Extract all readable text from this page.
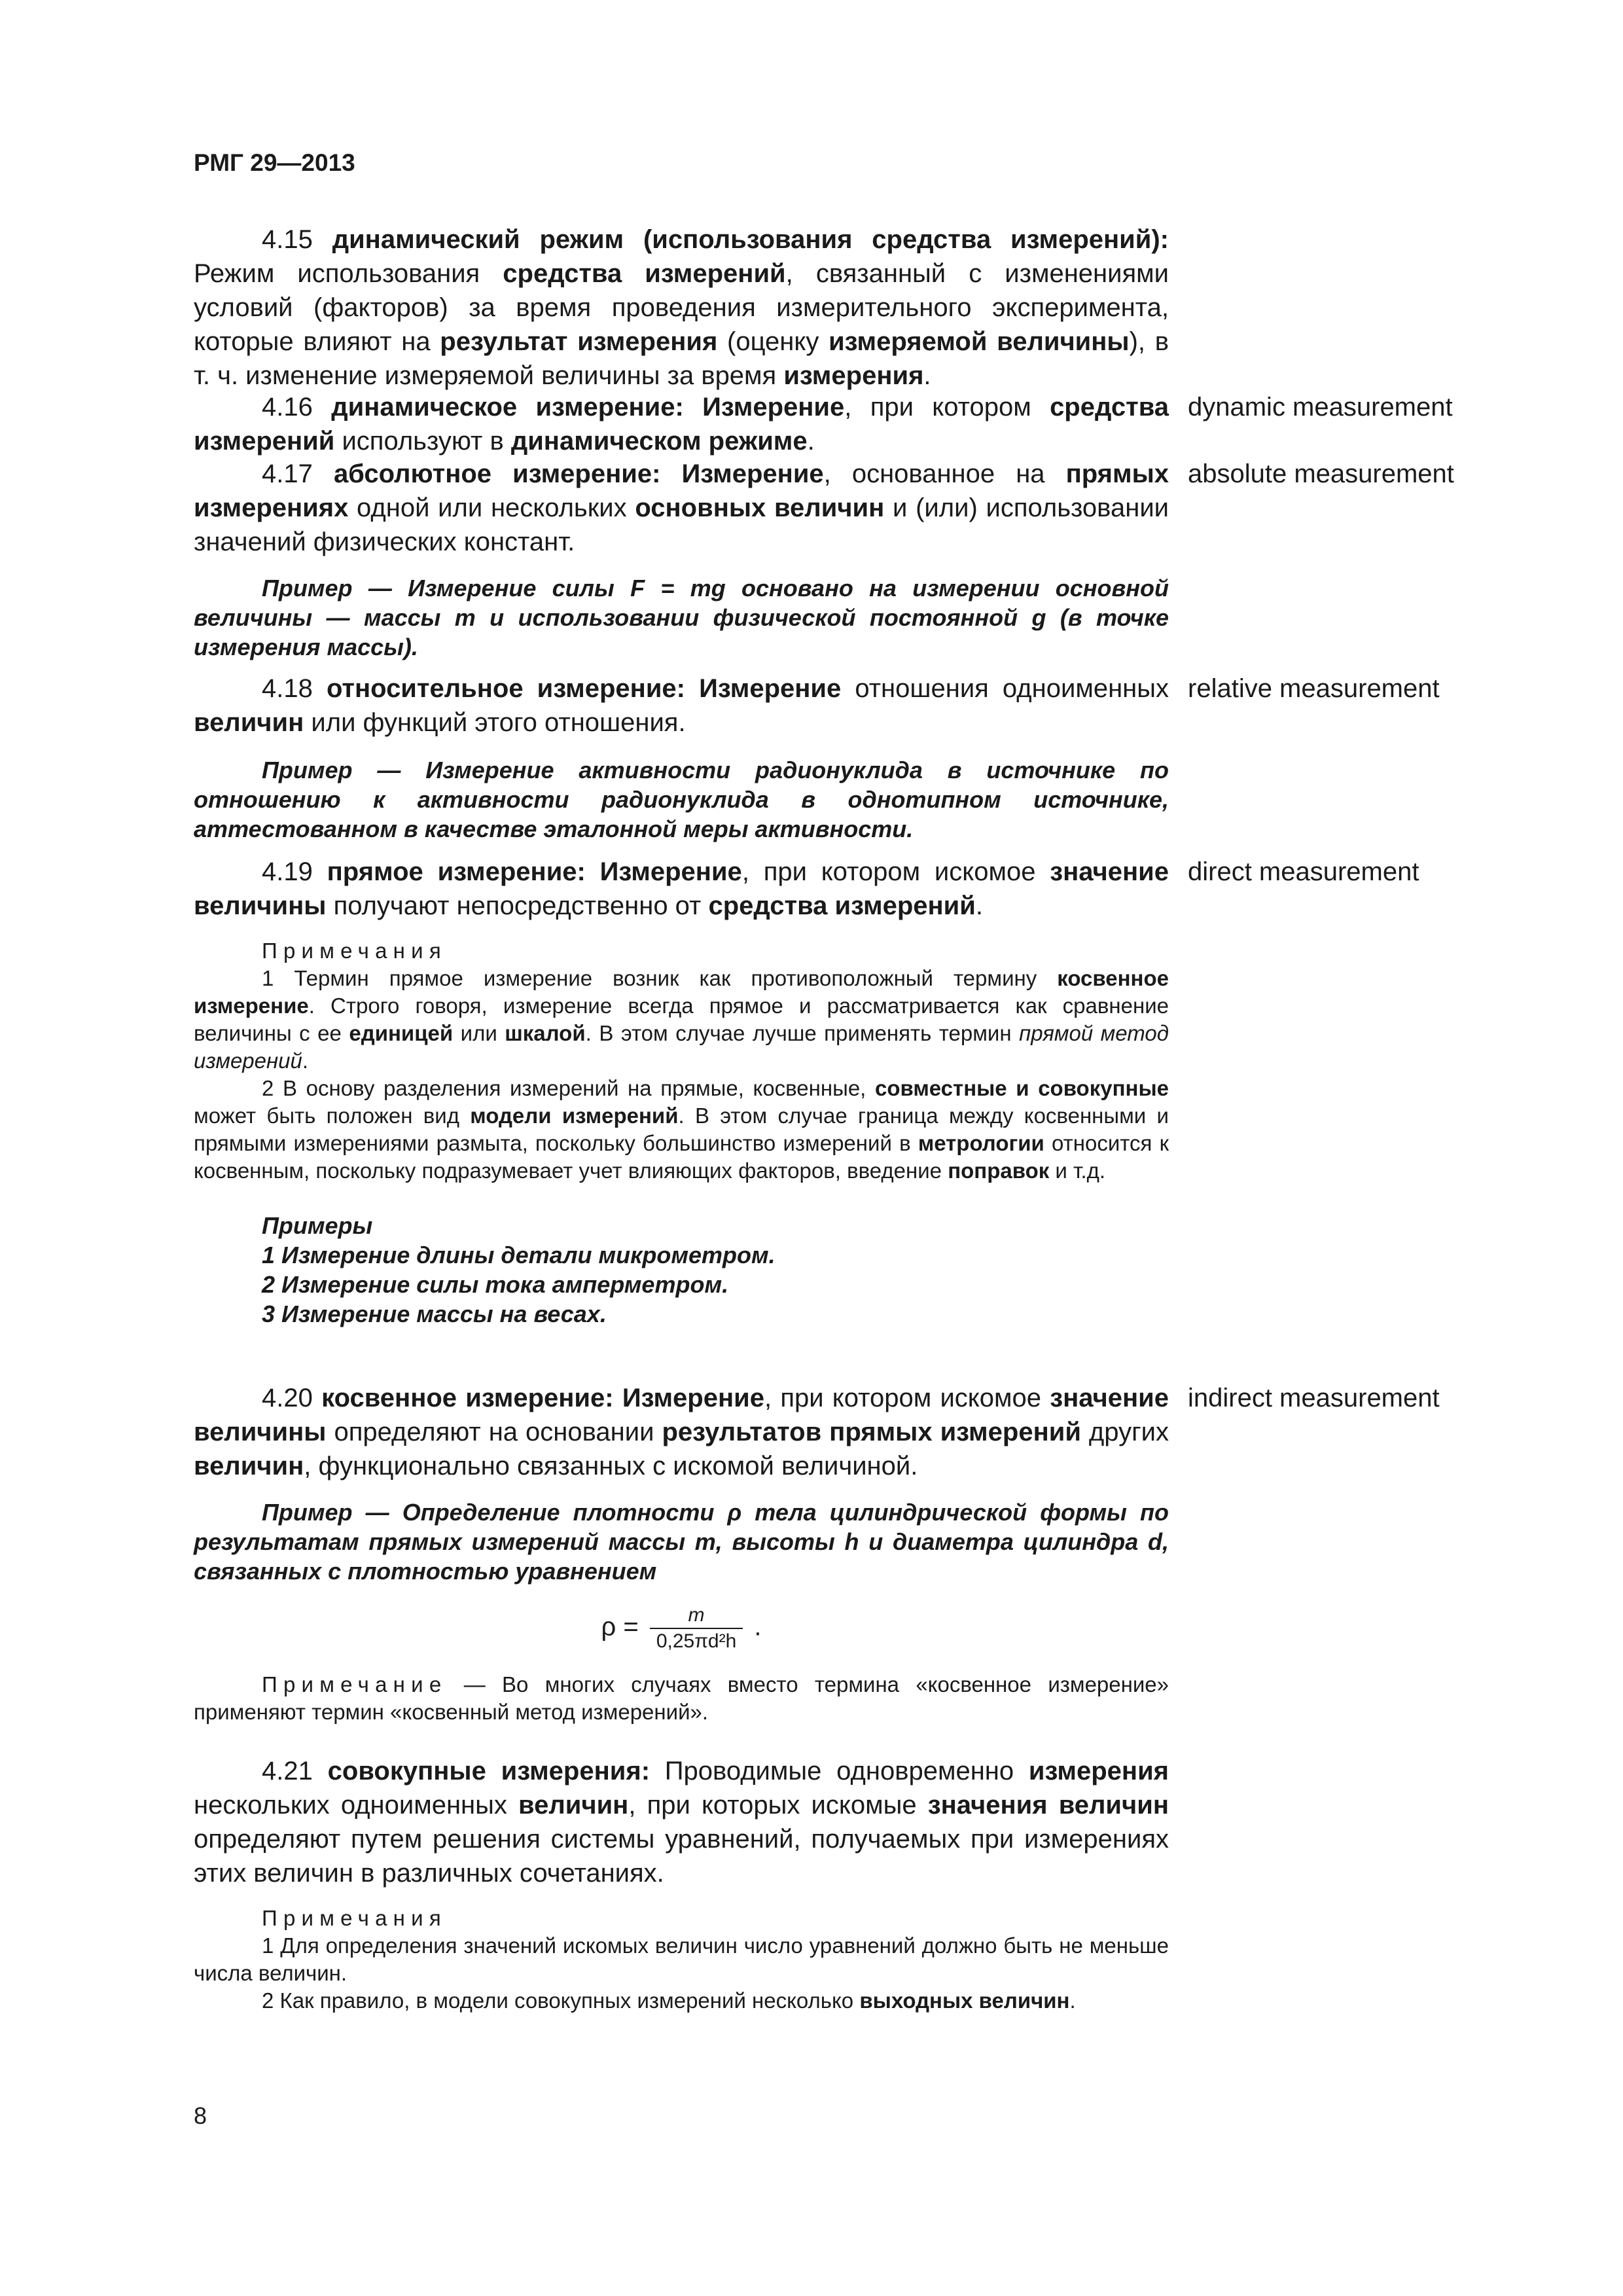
РМГ 29—2013

4.15 динамический режим (использования средства измерений): Режим использования средства измерений, связанный с изменениями условий (факторов) за время проведения измерительного эксперимента, которые влияют на результат измерения (оценку измеряемой величины), в т. ч. изменение измеряемой величины за время измерения.

4.16 динамическое измерение: Измерение, при котором средства измерений используют в динамическом режиме.

dynamic measurement

4.17 абсолютное измерение: Измерение, основанное на прямых измерениях одной или нескольких основных величин и (или) использовании значений физических констант.

Пример — Измерение силы F = mg основано на измерении основной величины — массы m и использовании физической постоянной g (в точке измерения массы).

absolute measurement

4.18 относительное измерение: Измерение отношения одноименных величин или функций этого отношения.

Пример — Измерение активности радионуклида в источнике по отношению к активности радионуклида в однотипном источнике, аттестованном в качестве эталонной меры активности.

relative measurement

4.19 прямое измерение: Измерение, при котором искомое значение величины получают непосредственно от средства измерений.

Примечания

1 Термин прямое измерение возник как противоположный термину косвенное измерение. Строго говоря, измерение всегда прямое и рассматривается как сравнение величины с ее единицей или шкалой. В этом случае лучше применять термин прямой метод измерений.

2 В основу разделения измерений на прямые, косвенные, совместные и совокупные может быть положен вид модели измерений. В этом случае граница между косвенными и прямыми измерениями размыта, поскольку большинство измерений в метрологии относится к косвенным, поскольку подразумевает учет влияющих факторов, введение поправок и т.д.

Примеры

1 Измерение длины детали микрометром.

2 Измерение силы тока амперметром.

3 Измерение массы на весах.

direct measurement

4.20 косвенное измерение: Измерение, при котором искомое значение величины определяют на основании результатов прямых измерений других величин, функционально связанных с искомой величиной.

Пример — Определение плотности ρ тела цилиндрической формы по результатам прямых измерений массы m, высоты h и диаметра цилиндра d, связанных с плотностью уравнением

$\rho = \frac{m}{\text{0,25πd²h}}$ .

Примечание — Во многих случаях вместо термина «косвенное измерение» применяют термин «косвенный метод измерений».

indirect measurement

4.21 совокупные измерения: Проводимые одновременно измерения нескольких одноименных величин, при которых искомые значения величин определяют путем решения системы уравнений, получаемых при измерениях этих величин в различных сочетаниях.

Примечания

1 Для определения значений искомых величин число уравнений должно быть не меньше числа величин.

2 Как правило, в модели совокупных измерений несколько выходных величин.

8
